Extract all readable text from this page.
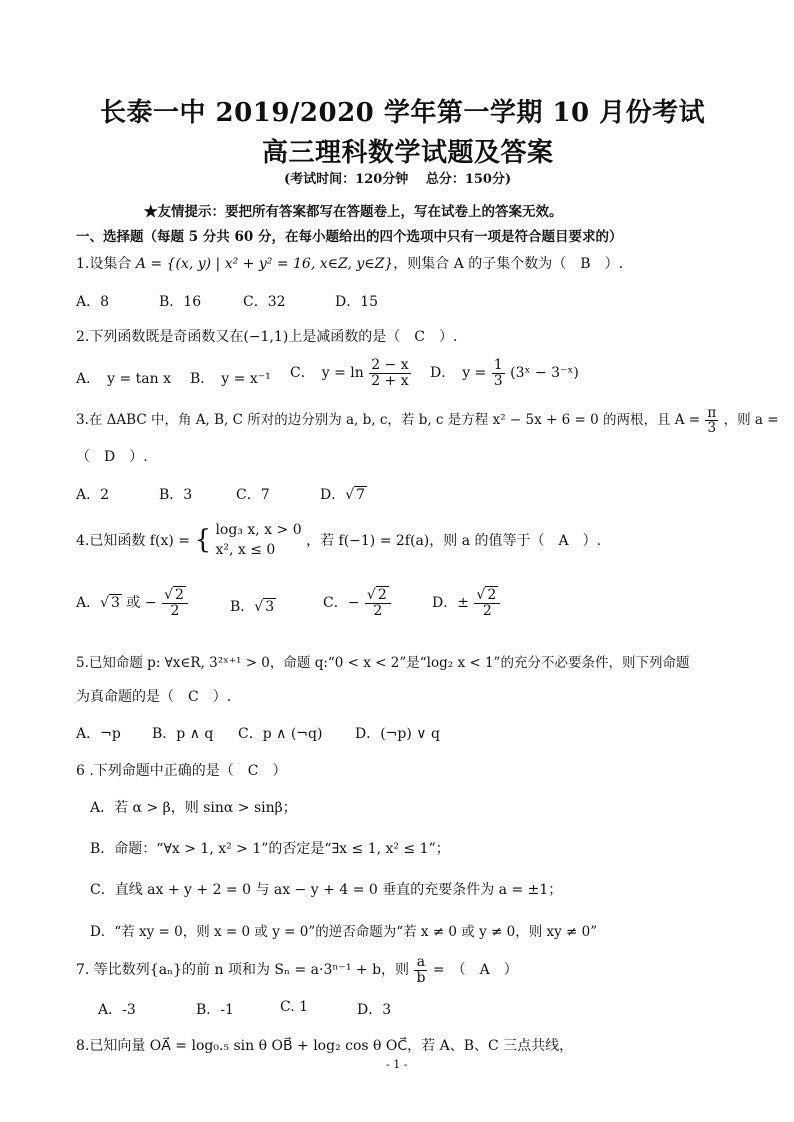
长泰一中 2019/2020 学年第一学期 10 月份考试
高三理科数学试题及答案
(考试时间：120分钟　 总分：150分)
★友情提示：要把所有答案都写在答题卷上，写在试卷上的答案无效。
一、选择题（每题 5 分共 60 分，在每小题给出的四个选项中只有一项是符合题目要求的）
1.设集合 A = {(x, y) | x² + y² = 16, x∈Z, y∈Z}，则集合 A 的子集个数为（　B　）.
A．8	B．16	C．32	D．15
2.下列函数既是奇函数又在(−1,1)上是减函数的是（　C　）.
A．　y = tan x B．　y = x⁻¹ C．　$y = \ln \frac{2 - x}{2 + x}$ D．　$y = \frac{1}{3}$ (3ˣ − 3⁻ˣ)
3.在 ΔABC 中，角 A, B, C 所对的边分别为 a, b, c，若 b, c 是方程 x² − 5x + 6 = 0 的两根，且 $A = \frac{\pi}{3}$ ，则 a =
（　D　）.
A．2	B．3	C．7	D．√ 7
4.已知函数 f(x) = { log₃ x, x > 0
x², x ≤ 0
，若 f(−1) = 2f(a)，则 a 的值等于（　A　）.
A．√ 3 或 − $\frac{√ 2}{2}$	B．√ 3	C．− $\frac{√ 2}{2}$	D．± $\frac{√ 2}{2}$
5.已知命题 p: ∀x∈R, 3²ˣ⁺¹ > 0，命题 q:“0 < x < 2”是“log₂ x < 1”的充分不必要条件，则下列命题
为真命题的是（　C　）.
A．¬p B．p ∧ q C．p ∧ (¬q) D．(¬p) ∨ q
6 .下列命题中正确的是（　C　）
A．若 α > β，则 sinα > sinβ；
B．命题：“∀x > 1, x² > 1”的否定是“∃x ≤ 1, x² ≤ 1”；
C．直线 ax + y + 2 = 0 与 ax − y + 4 = 0 垂直的充要条件为 a = ±1；
D．“若 xy = 0，则 x = 0 或 y = 0”的逆否命题为“若 x ≠ 0 或 y ≠ 0，则 xy ≠ 0”
7. 等比数列{aₙ}的前 n 项和为 Sₙ = a·3ⁿ⁻¹ + b，则 $\frac{a}{b}$ =　（　A　）
A．-3	B．-1	C. 1	D．3
8.已知向量 OA⃗ = log₀.₅ sin θ OB⃗ + log₂ cos θ OC⃗，若 A、B、C 三点共线，
- 1 -
